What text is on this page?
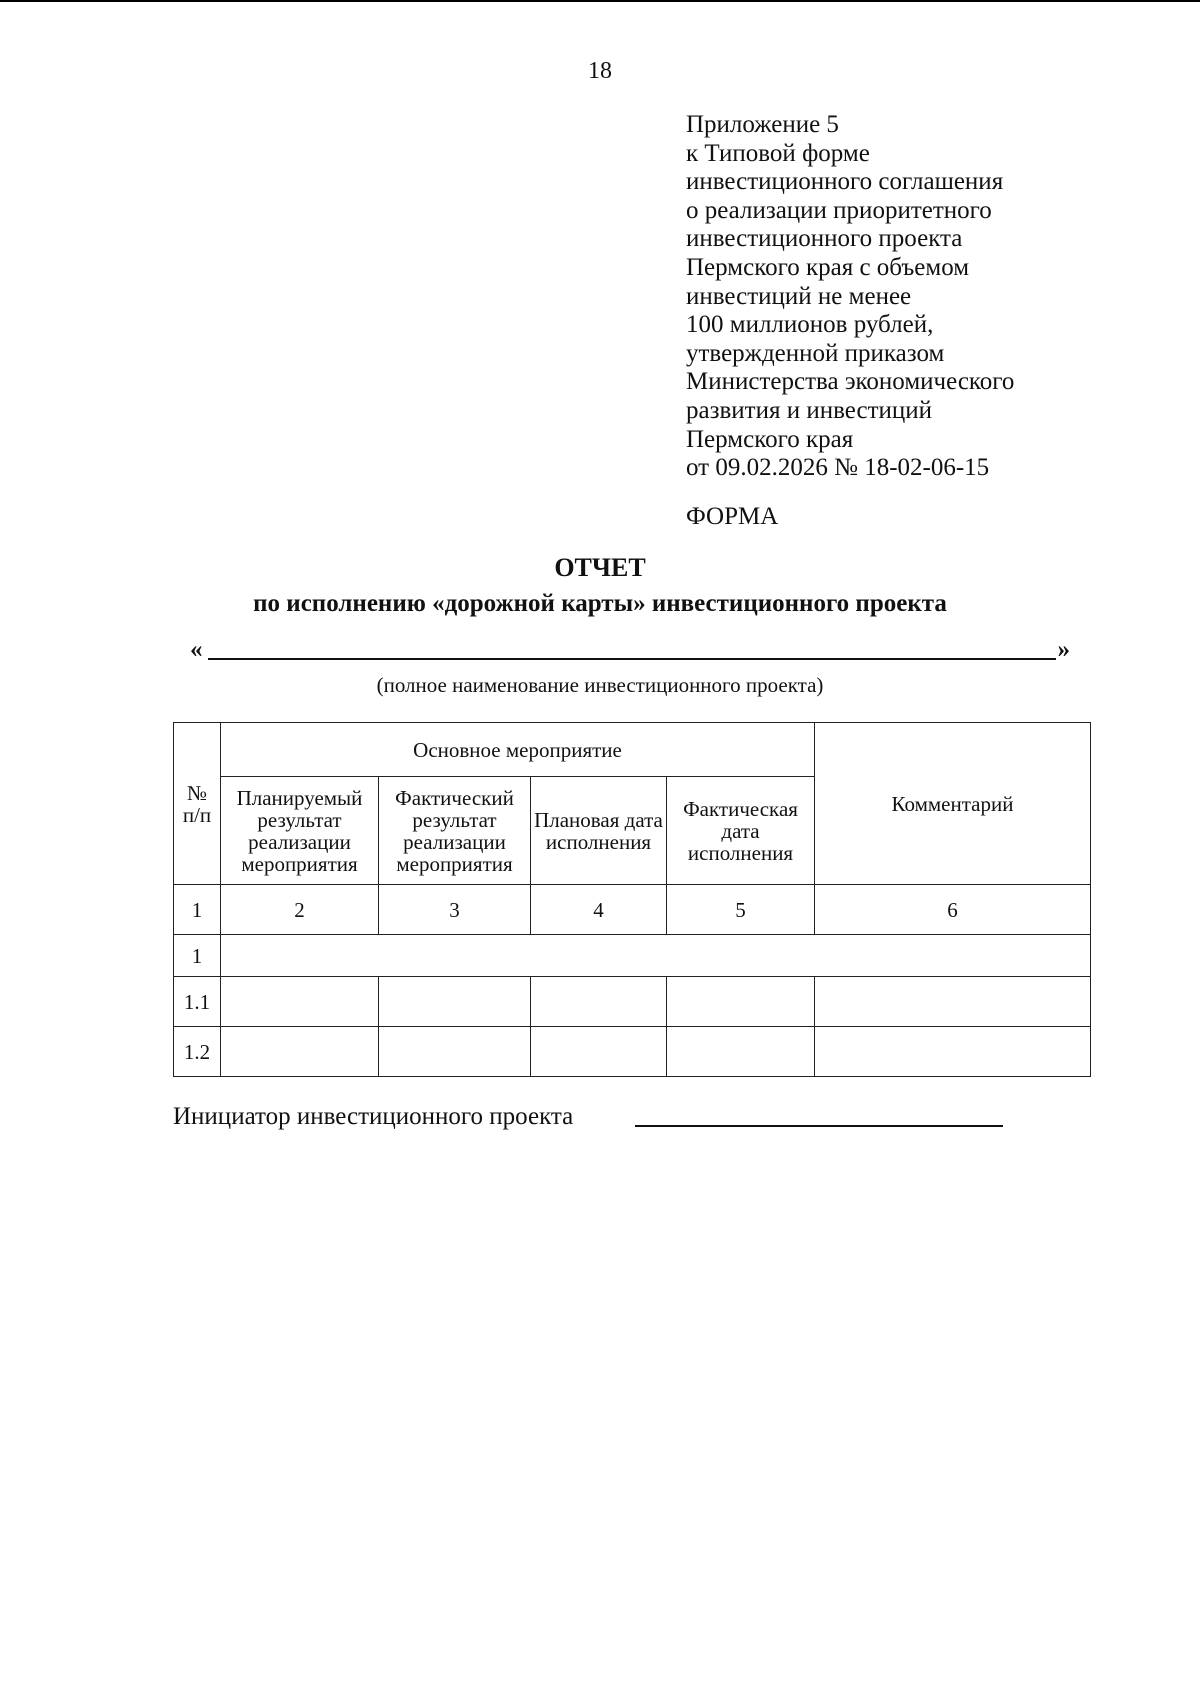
18
Приложение 5
к Типовой форме
инвестиционного соглашения
о реализации приоритетного
инвестиционного проекта
Пермского края с объемом
инвестиций не менее
100 миллионов рублей,
утвержденной приказом
Министерства экономического
развития и инвестиций
Пермского края
от 09.02.2026 № 18-02-06-15
ФОРМА
ОТЧЕТ
по исполнению «дорожной карты» инвестиционного проекта
«	»
(полное наименование инвестиционного проекта)
№ п/п	Основное мероприятие				Комментарий
	Планируемый результат реализации мероприятия	Фактический результат реализации мероприятия	Плановая дата исполнения	Фактическая дата исполнения	
1	2	3	4	5	6
1					
1.1					
1.2					
Инициатор инвестиционного проекта
